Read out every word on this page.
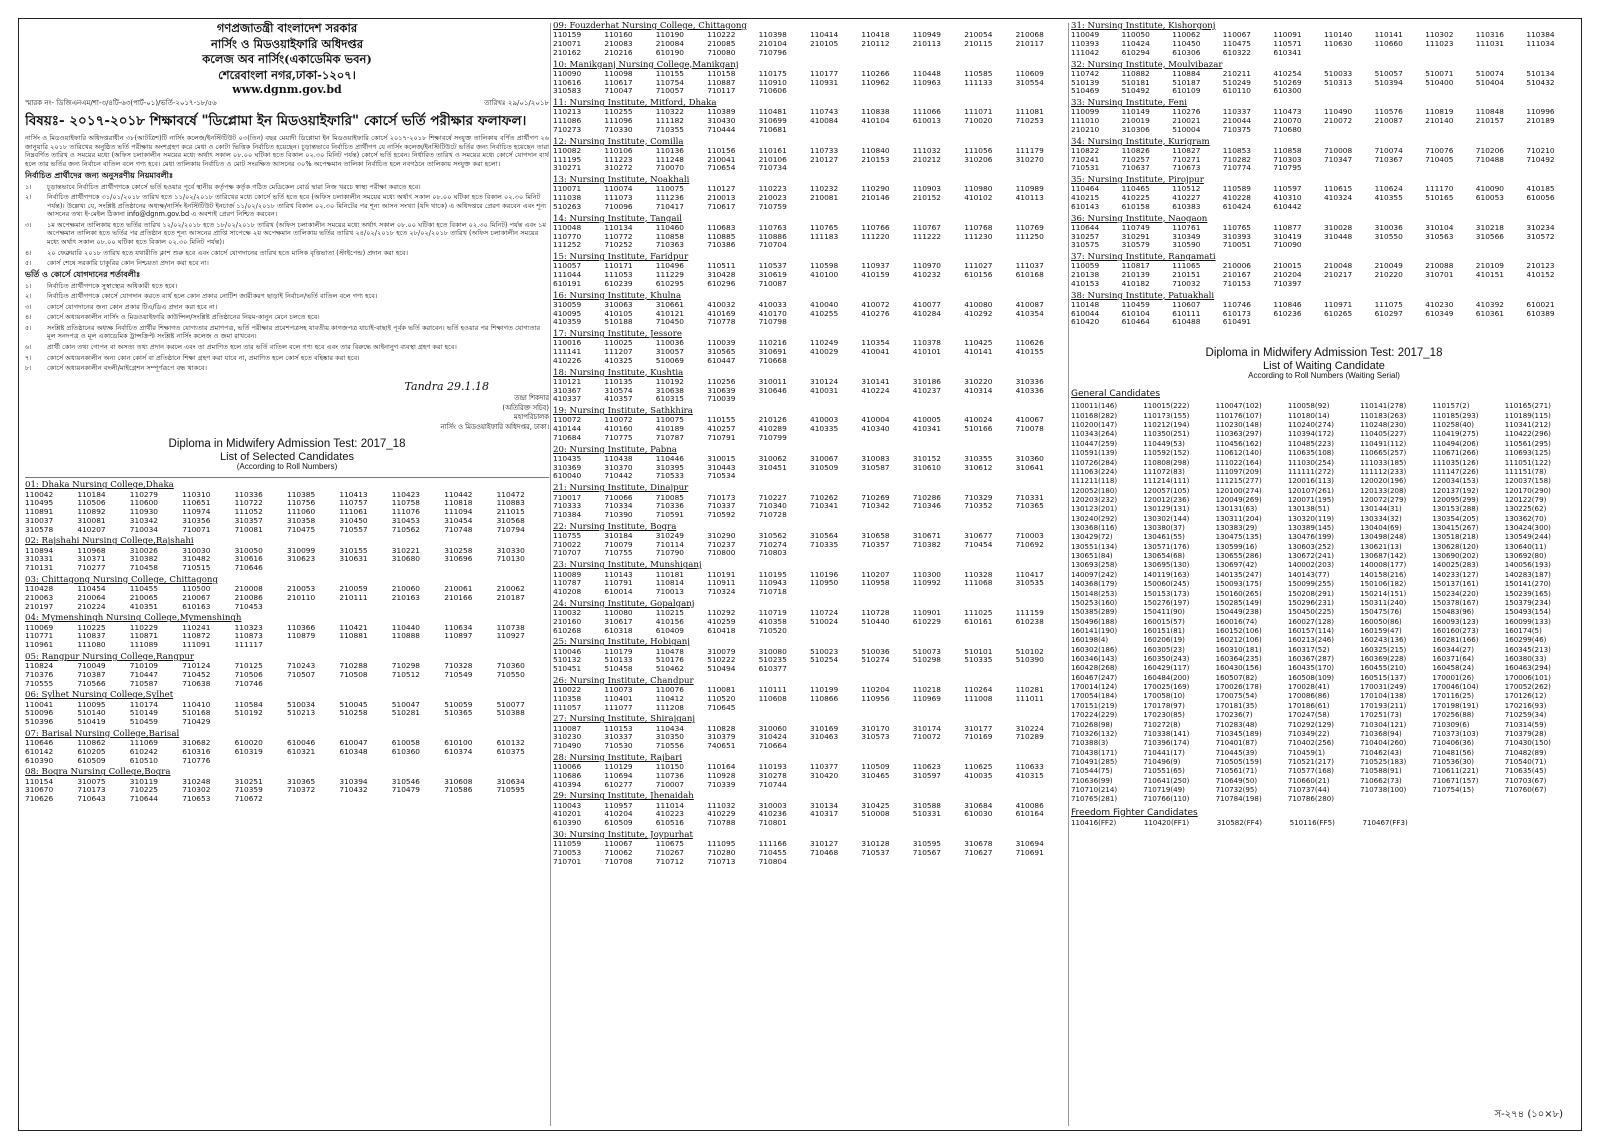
গণপ্রজাতন্ত্রী বাংলাদেশ সরকার
নার্সিং ও মিডওয়াইফারি অধিদপ্তর
কলেজ অব নার্সিং(একাডেমিক ভবন)
শেরেবাংলা নগর,ঢাকা-১২০৭।
www.dgnm.gov.bd
স্মারক নং- ডিজিএনএম/শা-৩/৪টি-৬৩(পার্ট-০১)/ভর্তি-২০১৭-১৮/৫৬	তারিখঃ ২৯/০১/২০১৮
বিষয়ঃ- ২০১৭-২০১৮ শিক্ষাবর্ষে "ডিপ্লোমা ইন মিডওয়াইফারি" কোর্সে ভর্তি পরীক্ষার ফলাফল।
নার্সিং ও মিডওয়াইফারি অধিদপ্তরাধীন ৩৮(আটত্রিশ)টি নার্সিং কলেজ/ইনস্টিটিউট ০৩(তিন) বছর মেয়াদী ডিপ্লোমা ইন মিডওয়াইফারি কোর্সে ২০১৭-২০১৮ শিক্ষাবর্ষে সংযুক্ত তালিকায় বর্ণিত প্রার্থীগণ ২৬ জানুয়ারি ২০১৮ তারিখের অনুষ্ঠিত ভর্তি পরীক্ষায় অংশগ্রহণ করে মেধা ও কোটা ভিত্তিক নির্বাচিত হয়েছেন। চূড়ান্তভাবে নির্বাচিত প্রার্থীগণ যে নার্সিং কলেজ/ইনস্টিটিউটে ভর্তির জন্য নির্বাচিত হয়েছেন তারা নিম্নবর্ণিত তারিখ ও সময়ের মধ্যে (অফিস চলাকালীন সময়ের মধ্যে অর্থাৎ সকাল ০৮.০০ ঘটিকা হতে বিকাল ০২.৩০ মিনিট পর্যন্ত) কোর্সে ভর্তি হবেন। নির্ধারিত তারিখ ও সময়ের মধ্যে কোর্সে যোগদান ব্যর্থ হলে তার ভর্তির জন্য নির্বাচন বাতিল বলে গণ্য হবে। মেধা তালিকায় নির্বাচিত ও মোট সংরক্ষিত আসনের ৩০% অপেক্ষমান তালিকা নির্বাচিত হলে নবগঠনে তালিকায় সংযুক্ত করা হলো।
নির্বাচিত প্রার্থীদের জন্য অনুসরণীয় নিয়মাবলীঃ
১।	চূড়ান্তভাবে নির্বাচিত প্রার্থীগণকে কোর্সে ভর্তি হওয়ার পূর্বে স্থানীয় কর্তৃপক্ষ কর্তৃক গঠিত মেডিকেল বোর্ড দ্বারা নিজ খরচে স্বাস্থ্য পরীক্ষা করাতে হবে।
২।	নির্বাচিত প্রার্থীগণকে ৩১/০১/২০১৮ তারিখ হতে ১১/০২/২০১৮ তারিখের মধ্যে কোর্সে ভর্তি হতে হবে (অফিস চলাকালীন সময়ের মধ্যে অর্থাৎ সকাল ০৮.০০ ঘটিকা হতে বিকাল ০২.৩০ মিনিট পর্যন্ত)। উল্লেখ্য যে, সংশ্লিষ্ট প্রতিষ্ঠানের অধ্যক্ষ/নার্সিং ইনস্টিটিউট ইনচার্জ ১১/০২/২০১৮ তারিখ বিকাল ০২.৩০ মিনিটের পর শূন্য আসন সংখ্যা (যদি থাকে) এ অধিদপ্তরে প্রেরণ করবেন এবং শূন্য আসনের তথ্য ই-মেইল ঠিকানা info@dgnm.gov.bd এ অবশ্যই প্রেরণ নিশ্চিত করবেন।
৩।	১ম অপেক্ষমান তালিকায় হতে ভর্তির তারিখ ১২/০২/২০১৮ হতে ১৮/০২/২০১৮ তারিখ (অফিস চলাকালীন সময়ের মধ্যে অর্থাৎ সকাল ০৮.০০ ঘটিকা হতে বিকাল ০২.৩০ মিনিট) পর্যন্ত এবং ১ম অপেক্ষমান তালিকা হতে ভর্তির পর প্রতিষ্ঠান হতে শূন্য আসনের প্রাপ্তি সাপেক্ষে ২য় অপেক্ষমান তালিকায় ভর্তির তারিখ ২৪/০২/২০১৮ হতে ২৮/০২/২০১৮ তারিখ (অফিস চলাকালীন সময়ের মধ্যে অর্থাৎ সকাল ০৮.০০ ঘটিকা হতে বিকাল ০২.৩০ মিনিট পর্যন্ত)।
৪।	২০ ফেব্রুয়ারি ২০১৮ তারিখ হতে যথারীতি ক্লাশ শুরু হবে এবং কোর্সে যোগদানের তারিখ হতে মাসিক বৃত্তিভাতা (স্টাইপেন্ড) প্রদান করা হবে।
৫।	কোর্স শেষে সরকারি চাকুরির কোন নিশ্চয়তা প্রদান করা হবে না।
ভর্তি ও কোর্সে যোগদানের শর্তাবলীঃ
১।	নির্বাচিত প্রার্থীগণকে সুস্বাস্থ্যের অধিকারী হতে হবে।
২।	নির্বাচিত প্রার্থীগণকে কোর্সে যোগদান করতে ব্যর্থ হলে কোন প্রকার নোটিশ জারীকরণ ছাড়াই নির্বাচন/ভর্তি বাতিল বলে গণ্য হবে।
৩।	কোর্সে যোগদানের জন্য কোন প্রকার টিএ/ডিএ প্রদান করা হবে না।
৪।	কোর্সে অধ্যয়নকালীন নার্সিং ও মিডওয়াইফারি কাউন্সিল/সংশ্লিষ্ট প্রতিষ্ঠানের নিয়ম-কানুন মেনে চলতে হবে।
৫।	সংশ্লিষ্ট প্রতিষ্ঠানের অধ্যক্ষ নির্বাচিত প্রার্থীর শিক্ষাগত যোগ্যতার প্রমাণপত্র, ভর্তি পরীক্ষার প্রবেশপত্রসহ যাবতীয় কাগজপত্র যাচাই-বাছাই পূর্বক ভর্তি করাবেন। ভর্তি হওয়ার পর শিক্ষাগত যোগ্যতার মূল সনদপত্র ও মূল একাডেমিক ট্রান্সক্রিপ্ট সংশ্লিষ্ট নার্সিং কলেজ ও জমা রাখবেন।
৬।	প্রার্থী কোন তথ্য গোপন বা অসত্য তথ্য প্রদান করলে এবং তা প্রমাণিত হলে তার ভর্তি বাতিল বলে গণ্য হবে এবং তার বিরুদ্ধে আইনানুগ ব্যবস্থা গ্রহণ করা হবে।
৭।	কোর্সে অধ্যয়নকালীন অন্য কোন কোর্স বা প্রতিষ্ঠানে শিক্ষা গ্রহণ করা যাবে না, প্রমাণিত হলে কোর্স হতে বহিষ্কার করা হবে।
৮।	কোর্সে অধ্যয়নকালীন বদলী/মাইগ্রেশন সম্পূর্ণরূপে বন্ধ থাকবে।
Tandra 29.1.18
তন্দ্রা শিকদার
(অতিরিক্ত সচিব)
মহাপরিচালক
নার্সিং ও মিডওয়াইফারি অধিদপ্তর, ঢাকা।
Diploma in Midwifery Admission Test: 2017_18
List of Selected Candidates
(According to Roll Numbers)
01: Dhaka Nursing College,Dhaka
110042	110184	110279	110310	110336	110385	110413	110423	110442	110472
110495	110506	110600	110651	110722	110756	110757	110758	110818	110883
110891	110892	110930	110974	111052	111060	111061	111076	111094	211015
310037	310081	310342	310356	310357	310358	310450	310453	310454	310568
310578	410207	710034	710071	710081	710475	710557	710562	710748	710794
02: Rajshahi Nursing College,Rajshahi
110894	110968	310026	310030	310050	310099	310155	310221	310258	310330
310331	310371	310382	310482	310616	310623	310631	310680	310696	710130
710131	710277	710458	710515	710646
03: Chittagong Nursing College, Chittagong
110428	110454	110455	110500	210008	210053	210059	210060	210061	210062
210063	210064	210065	210067	210086	210110	210111	210163	210166	210187
210197	210224	410351	610163	710453
04: Mymenshingh Nursing College,Mymenshingh
110069	110225	110229	110241	110323	110366	110421	110440	110634	110738
110771	110837	110871	110872	110873	110879	110881	110888	110897	110927
110961	111080	111089	111091	111117
05: Rangpur Nursing College,Rangpur
110824	710049	710109	710124	710125	710243	710288	710298	710328	710360
710376	710387	710447	710452	710506	710507	710508	710512	710549	710550
710555	710566	710587	710638	710746
06: Sylhet Nursing College,Sylhet
110041	110095	110174	110410	110584	510034	510045	510047	510059	510077
510096	510140	510149	510168	510192	510213	510258	510281	510365	510388
510396	510419	510459	710429
07: Barisal Nursing College,Barisal
110646	110862	111069	310682	610020	610046	610047	610058	610100	610132
610142	610205	610242	610316	610319	610321	610348	610360	610374	610375
610390	610509	610510	710776
08: Bogra Nursing College,Bogra
110154	310075	310119	310248	310251	310365	310394	310546	310608	310634
310670	710173	710225	710302	710359	710372	710432	710479	710586	710595
710626	710643	710644	710653	710672
09: Fouzderhat Nursing College, Chittagong
110159	110160	110190	110222	110398	110414	110418	110949	210054	210068
210071	210083	210084	210085	210104	210105	210112	210113	210115	210117
210162	210216	610190	710080	710796
10: Manikganj Nursing College,Manikganj
110090	110098	110155	110158	110175	110177	110266	110448	110585	110609
110616	110617	110754	110887	110910	110931	110962	110963	111133	310554
310583	710047	710057	710117	710606
11: Nursing Institute, Mitford, Dhaka
110213	110255	110322	110389	110481	110743	110838	111066	111071	111081
111086	111096	111182	310430	310699	410084	410104	610013	710020	710253
710273	710330	710355	710444	710681
12: Nursing Institute, Comilla
110082	110106	110136	110156	110161	110733	110840	111032	111056	111179
111195	111223	111248	210041	210106	210127	210153	210212	310206	310270
310271	310272	710070	710654	710734
13: Nursing Institute, Noakhali
110071	110074	110075	110127	110223	110232	110290	110903	110980	110989
111038	111073	111236	210013	210023	210081	210146	210152	410102	410113
510263	710096	710417	710617	710759
14: Nursing Institute, Tangail
110048	110134	110460	110683	110763	110765	110766	110767	110768	110769
110770	110772	110858	110885	110886	111183	111220	111222	111230	111250
111252	710252	710363	710386	710704
15: Nursing Institute, Faridpur
110057	110171	110496	110511	110537	110598	110937	110970	111027	111037
111044	111053	111229	310428	310619	410100	410159	410232	610156	610168
610191	610239	610295	610296	710087
16: Nursing Institute, Khulna
310059	310063	310661	410032	410033	410040	410072	410077	410080	410087
410095	410105	410121	410169	410170	410255	410276	410284	410292	410354
410359	510188	710450	710778	710798
17: Nursing Institute, Jessore
110016	110025	110036	110039	110216	110249	110354	110378	110425	110626
111141	111207	310057	310565	310691	410029	410041	410101	410141	410155
410226	410325	510069	610447	710668
18: Nursing Institute, Kushtia
110121	110135	110192	110256	310011	310124	310141	310186	310220	310336
310367	310574	310638	310639	310646	410031	410224	410237	410314	410336
410337	410357	610315	710039
19: Nursing Institute, Sathkhira
110072	110072	110075	110155	210126	410003	410004	410005	410024	410067
410144	410160	410189	410257	410289	410335	410340	410341	510166	710078
710684	710775	710787	710791	710799
20: Nursing Institute, Pabna
110435	110438	110446	310015	310062	310067	310083	310152	310355	310360
310369	310370	310395	310443	310451	310509	310587	310610	310612	310641
610040	710442	710533	710534
21: Nursing Institute, Dinajpur
710017	710066	710085	710173	710227	710262	710269	710286	710329	710331
710333	710334	710336	710337	710340	710341	710342	710346	710352	710365
710384	710390	710591	710592	710728
22: Nursing Institute, Bogra
110755	310184	310249	310290	310562	310564	310658	310671	310677	710003
710022	710079	710114	710237	710274	710335	710357	710382	710454	710692
710707	710755	710790	710800	710803
23: Nursing Institute, Munshiganj
110089	110143	110181	110191	110195	110196	110207	110300	110328	110417
110787	110791	110814	110911	110943	110950	110958	110992	111068	310535
410208	610014	710013	710324	710718
24: Nursing Institute, Gopalganj
110032	110080	110215	110292	110719	110724	110728	110901	111025	111159
210160	310617	410156	410259	410358	510024	510440	610229	610161	610238
610268	610318	610409	610418	710520
25: Nursing Institute, Hobiganj
110046	110179	110478	310079	310080	510023	510036	510073	510101	510102
510132	510133	510176	510222	510235	510254	510274	510298	510335	510390
510451	510458	510462	510494	610377
26: Nursing Institute, Chandpur
110022	110073	110076	110081	110111	110199	110204	110218	110264	110281
110358	110401	110412	110520	110608	110866	110956	110969	111008	111011
111057	111077	111208	710645
27: Nursing Institute, Shirajganj
110087	110153	110434	110828	310060	310169	310170	310174	310177	310224
310230	310337	310350	310379	310424	310463	310573	710072	710169	710289
710490	710530	710556	740651	710664
28: Nursing Institute, Rajbari
110066	110129	110150	110164	110193	110377	110509	110623	110625	110633
110686	110694	110736	110928	310278	310420	310465	310597	410035	410315
410394	610277	710007	710339	710744
29: Nursing Institute, Jhenaidah
110043	110957	111014	111032	310003	310134	310425	310588	310684	410086
410201	410204	410223	410229	410236	410317	510008	510331	610030	610164
610390	610509	610516	710788	710801
30: Nursing Institute, Joypurhat
111059	110067	110675	111095	111166	310127	310128	310595	310678	310694
710053	710062	710267	710280	710455	710468	710537	710567	710627	710691
710701	710708	710712	710713	710804
31: Nursing Institute, Kishorgonj
110049	110050	110062	110067	110091	110140	110141	110302	110316	110384
110393	110424	110450	110475	110571	110630	110660	111023	111031	111034
111042	610294	610306	610322	610341
32: Nursing Institute, Moulvibazar
110742	110882	110884	210211	410254	510033	510057	510071	510074	510134
510139	510181	510187	510249	510269	510313	510394	510400	510404	510432
510469	510492	610109	610110	610300
33: Nursing Institute, Feni
110099	110149	110276	110337	110473	110490	110576	110819	110848	110996
111010	210019	210021	210044	210070	210072	210087	210140	210157	210189
210210	310306	510004	710375	710680
34: Nursing Institute, Kurigram
110822	110826	110827	110853	110858	710008	710074	710076	710206	710210
710241	710257	710271	710282	710303	710347	710367	710405	710488	710492
710531	710637	710673	710774	710795
35: Nursing Institute, Pirojpur
110464	110465	110512	110589	110597	110615	110624	111170	410090	410185
410215	410225	410227	410228	410310	410324	410355	510165	610053	610056
610143	610158	610383	610424	610442
36: Nursing Institute, Naogaon
110644	110749	110761	110765	110877	310028	310036	310104	310218	310234
310257	310291	310349	310393	310419	310448	310550	310563	310566	310572
310575	310579	310590	710051	710090
37: Nursing Institute, Rangamati
110059	110817	111065	210006	210015	210048	210049	210088	210109	210123
210138	210139	210151	210167	210204	210217	210220	310701	410151	410152
410153	410182	710032	710153	710397
38: Nursing Institute, Patuakhali
110148	110459	110607	110746	110846	110971	111075	410230	410392	610021
610044	610104	610111	610173	610236	610265	610297	610349	610361	610389
610420	610464	610488	610491
Diploma in Midwifery Admission Test: 2017_18
List of Waiting Candidate
According to Roll Numbers (Waiting Serial)
General Candidates
110011(146)	110015(222)	110047(102)	110058(92)	110141(278)	110157(2)	110165(271)
110168(282)	110173(155)	110176(107)	110180(14)	110183(263)	110185(293)	110189(115)
110200(147)	110212(194)	110230(148)	110240(274)	110248(230)	110258(40)	110341(212)
110343(264)	110350(251)	110363(297)	110394(172)	110405(227)	110419(275)	110422(296)
110447(259)	110449(53)	110456(162)	110485(223)	110491(112)	110494(206)	110561(295)
110591(139)	110592(152)	110612(140)	110635(108)	110665(257)	110671(266)	110693(125)
110726(284)	110808(298)	111022(164)	111030(254)	111033(185)	111035(126)	111051(122)
111063(224)	111072(83)	111097(209)	111111(272)	111112(233)	111147(226)	111151(78)
111211(118)	111214(111)	111215(277)	120016(113)	120020(196)	120034(153)	120037(158)
120052(180)	120057(105)	120100(274)	120107(261)	120133(208)	120137(192)	120170(290)
120203(232)	120012(236)	120049(269)	120071(195)	120072(279)	120095(299)	120122(79)
130123(201)	130129(131)	130131(63)	130138(51)	130144(31)	130153(288)	130225(62)
130240(292)	130302(144)	130311(204)	130320(119)	130334(32)	130354(205)	130362(70)
130368(116)	130380(37)	130383(29)	130389(145)	130404(69)	130415(267)	130424(300)
130429(72)	130461(55)	130475(135)	130476(199)	130498(248)	130518(218)	130549(244)
130551(134)	130571(176)	130599(16)	130603(252)	130621(13)	130628(120)	130640(11)
130651(84)	130654(68)	130655(286)	130672(241)	130687(142)	130690(202)	130692(80)
130693(258)	130695(130)	130697(42)	140002(203)	140008(177)	140025(283)	140056(193)
140097(242)	140119(163)	140135(247)	140143(77)	140158(216)	140233(127)	140283(187)
140368(179)	150060(245)	150093(175)	150099(255)	150106(182)	150137(161)	150141(270)
150148(253)	150153(173)	150160(265)	150208(291)	150214(151)	150234(220)	150239(165)
150253(160)	150276(197)	150285(149)	150296(231)	150311(240)	150378(167)	150379(234)
150385(289)	150411(90)	150449(238)	150450(225)	150475(76)	150483(96)	150493(154)
150496(188)	160015(57)	160016(74)	160027(128)	160050(86)	160093(123)	160099(133)
160141(190)	160151(81)	160152(106)	160157(114)	160159(47)	160160(273)	160174(5)
160198(4)	160206(19)	160212(106)	160213(246)	160243(136)	160281(166)	160299(46)
160302(186)	160305(23)	160310(181)	160317(52)	160325(215)	160344(27)	160345(213)
160346(143)	160350(243)	160364(235)	160367(287)	160369(228)	160371(64)	160380(33)
160428(268)	160429(117)	160430(156)	160435(170)	160455(210)	160458(24)	160463(294)
160467(247)	160484(200)	160507(82)	160508(109)	160515(137)	170001(26)	170006(101)
170014(124)	170025(169)	170026(178)	170028(41)	170031(249)	170046(104)	170052(262)
170054(184)	170058(10)	170075(54)	170086(86)	170104(138)	170116(25)	170126(12)
170151(219)	170178(97)	170181(35)	170186(61)	170193(211)	170198(191)	170216(93)
170224(229)	170230(85)	170236(7)	170247(58)	170251(73)	170256(88)	710259(34)
710268(98)	710272(8)	710283(48)	710292(129)	710304(121)	710309(6)	710314(59)
710326(132)	710338(141)	710345(189)	710349(22)	710368(94)	710373(103)	710379(28)
710388(3)	710396(174)	710401(87)	710402(256)	710404(260)	710406(36)	710430(150)
710438(171)	710441(17)	710445(39)	710459(1)	710462(43)	710481(56)	710482(89)
710491(285)	710496(9)	710505(159)	710521(217)	710525(183)	710536(30)	710540(71)
710544(75)	710551(65)	710561(71)	710577(168)	710588(91)	710611(221)	710635(45)
710636(99)	710641(250)	710649(50)	710660(21)	710662(73)	710671(157)	710703(67)
710710(214)	710719(49)	710732(95)	710737(44)	710738(100)	710754(15)	710760(67)
710765(281)	710766(110)	710784(198)	710786(280)
Freedom Fighter Candidates
110416(FF2)	110420(FF1)	310582(FF4)	510116(FF5)	710467(FF3)
স-২৭৪ (১০×৮)
